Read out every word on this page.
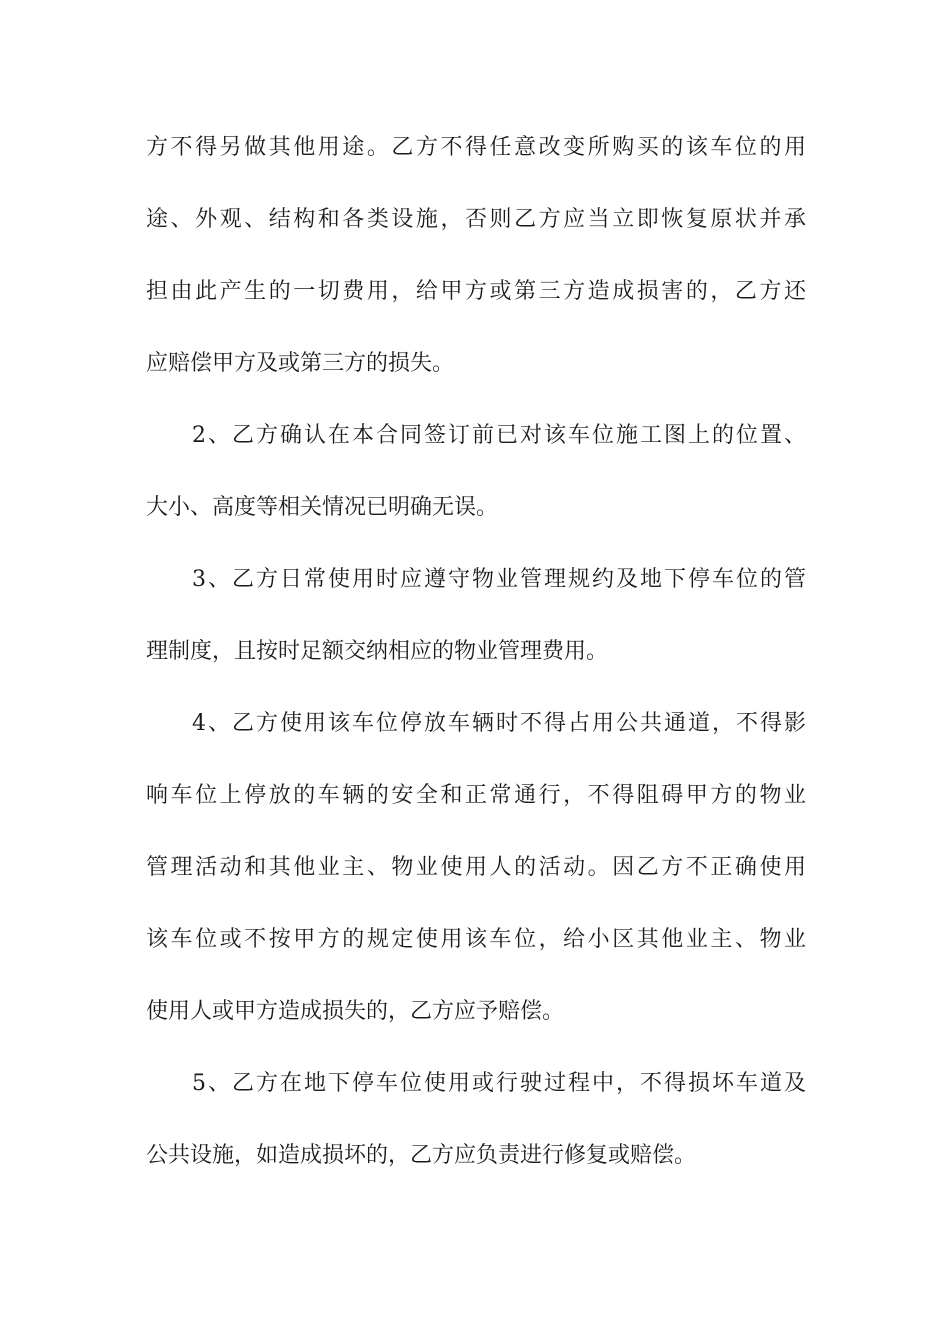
方不得另做其他用途。乙方不得任意改变所购买的该车位的用
途、外观、结构和各类设施，否则乙方应当立即恢复原状并承
担由此产生的一切费用，给甲方或第三方造成损害的，乙方还
应赔偿甲方及或第三方的损失。
2、乙方确认在本合同签订前已对该车位施工图上的位置、
大小、高度等相关情况已明确无误。
3、乙方日常使用时应遵守物业管理规约及地下停车位的管
理制度，且按时足额交纳相应的物业管理费用。
4、乙方使用该车位停放车辆时不得占用公共通道，不得影
响车位上停放的车辆的安全和正常通行，不得阻碍甲方的物业
管理活动和其他业主、物业使用人的活动。因乙方不正确使用
该车位或不按甲方的规定使用该车位，给小区其他业主、物业
使用人或甲方造成损失的，乙方应予赔偿。
5、乙方在地下停车位使用或行驶过程中，不得损坏车道及
公共设施，如造成损坏的，乙方应负责进行修复或赔偿。
